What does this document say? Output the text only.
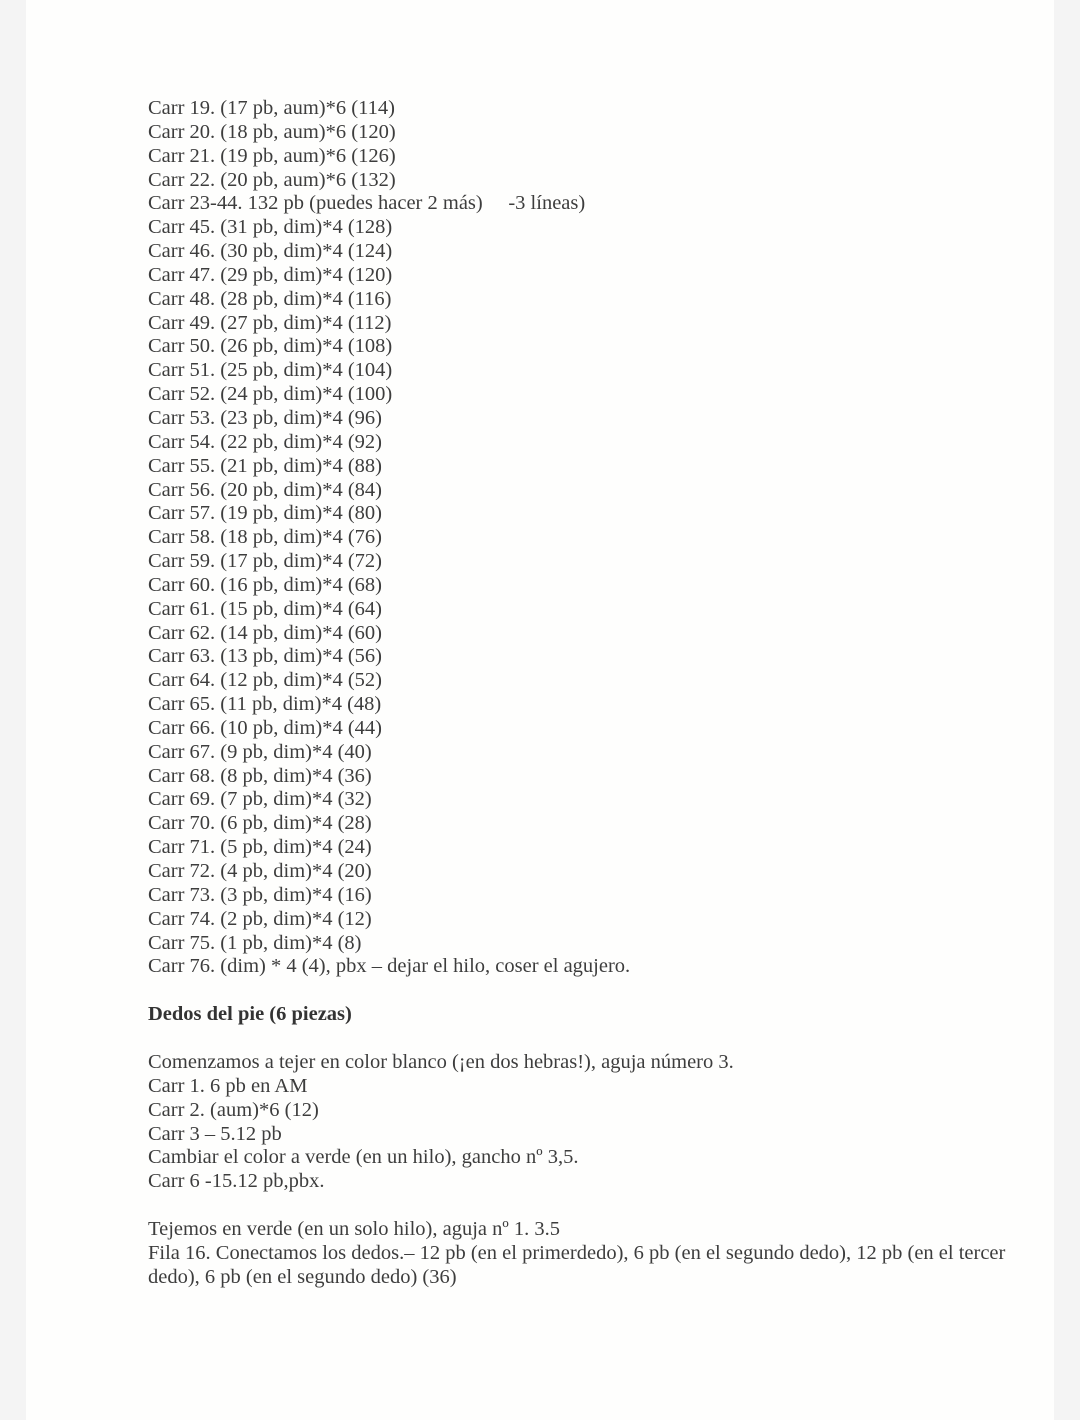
Carr 19. (17 pb, aum)*6 (114)
Carr 20. (18 pb, aum)*6 (120)
Carr 21. (19 pb, aum)*6 (126)
Carr 22. (20 pb, aum)*6 (132)
Carr 23-44. 132 pb (puedes hacer 2 más)     -3 líneas)
Carr 45. (31 pb, dim)*4 (128)
Carr 46. (30 pb, dim)*4 (124)
Carr 47. (29 pb, dim)*4 (120)
Carr 48. (28 pb, dim)*4 (116)
Carr 49. (27 pb, dim)*4 (112)
Carr 50. (26 pb, dim)*4 (108)
Carr 51. (25 pb, dim)*4 (104)
Carr 52. (24 pb, dim)*4 (100)
Carr 53. (23 pb, dim)*4 (96)
Carr 54. (22 pb, dim)*4 (92)
Carr 55. (21 pb, dim)*4 (88)
Carr 56. (20 pb, dim)*4 (84)
Carr 57. (19 pb, dim)*4 (80)
Carr 58. (18 pb, dim)*4 (76)
Carr 59. (17 pb, dim)*4 (72)
Carr 60. (16 pb, dim)*4 (68)
Carr 61. (15 pb, dim)*4 (64)
Carr 62. (14 pb, dim)*4 (60)
Carr 63. (13 pb, dim)*4 (56)
Carr 64. (12 pb, dim)*4 (52)
Carr 65. (11 pb, dim)*4 (48)
Carr 66. (10 pb, dim)*4 (44)
Carr 67. (9 pb, dim)*4 (40)
Carr 68. (8 pb, dim)*4 (36)
Carr 69. (7 pb, dim)*4 (32)
Carr 70. (6 pb, dim)*4 (28)
Carr 71. (5 pb, dim)*4 (24)
Carr 72. (4 pb, dim)*4 (20)
Carr 73. (3 pb, dim)*4 (16)
Carr 74. (2 pb, dim)*4 (12)
Carr 75. (1 pb, dim)*4 (8)
Carr 76. (dim) * 4 (4), pbx – dejar el hilo, coser el agujero.
Dedos del pie (6 piezas)
Comenzamos a tejer en color blanco (¡en dos hebras!), aguja número 3.
Carr 1. 6 pb en AM
Carr 2. (aum)*6 (12)
Carr 3 – 5.12 pb
Cambiar el color a verde (en un hilo), gancho nº 3,5.
Carr 6 -15.12 pb,pbx.
Tejemos en verde (en un solo hilo), aguja nº 1. 3.5
Fila 16. Conectamos los dedos.– 12 pb (en el primerdedo), 6 pb (en el segundo dedo), 12 pb (en el tercer dedo), 6 pb (en el segundo dedo) (36)
